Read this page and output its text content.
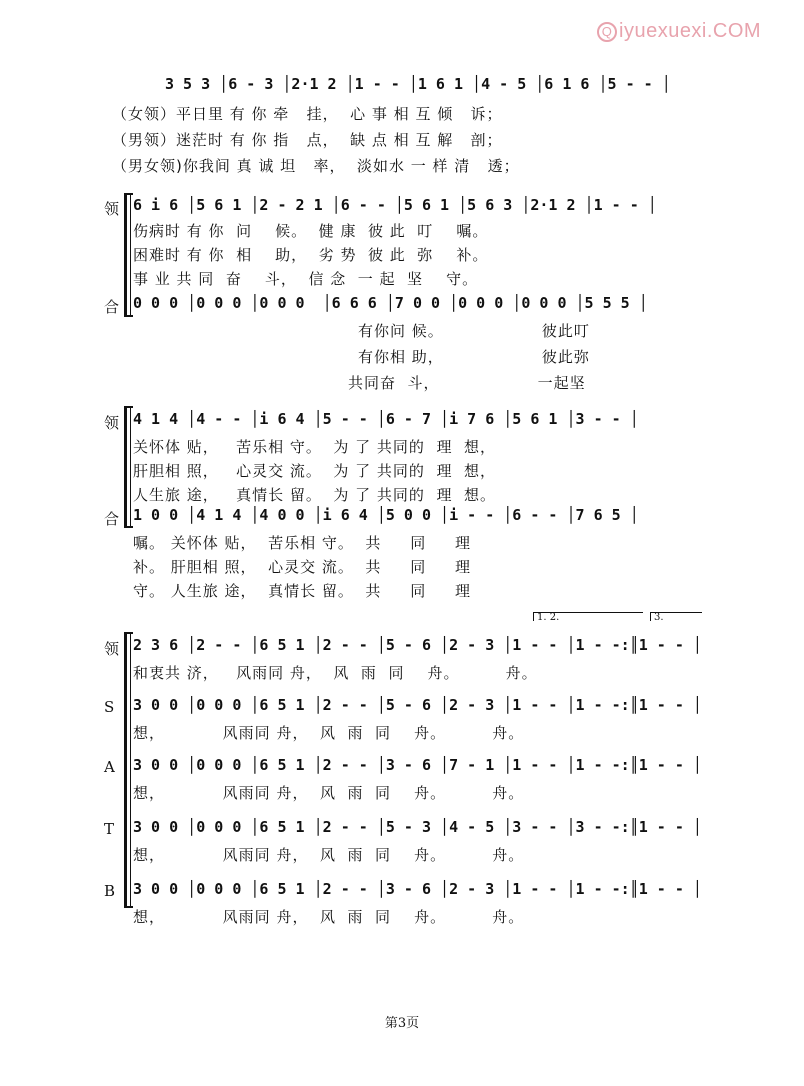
Q iyuexuexi.COM
3 5 3 │6 - 3 │2·1 2 │1 - - │1 6 1 │4 - 5 │6 1 6 │5 - - │
（女领）平日里 有 你 牵   挂，  心 事 相 互 倾   诉；
（男领）迷茫时 有 你 指   点，  缺 点 相 互 解   剖；
（男女领)你我间 真 诚 坦   率，  淡如水 一 样 清   透；
6 i 6 │5 6 1 │2 - 2 1 │6 - - │5 6 1 │5 6 3 │2·1 2 │1 - - │
伤病时 有 你  问    候。  健 康  彼 此  叮    嘱。
困难时 有 你  相    助，  劣 势  彼 此  弥    补。
事 业 共 同  奋    斗，  信 念  一 起  坚    守。
0 0 0 │0 0 0 │0 0 0  │6 6 6 │7 0 0 │0 0 0 │0 0 0 │5 5 5 │
有你问 候。                 彼此叮
有你相 助，                 彼此弥
共同奋  斗，                 一起坚
领
合
4 1 4 │4 - - │i 6 4 │5 - - │6 - 7 │i 7 6 │5 6 1 │3 - - │
关怀体 贴，   苦乐相 守。  为 了 共同的  理  想，
肝胆相 照，   心灵交 流。  为 了 共同的  理  想，
人生旅 途，   真情长 留。  为 了 共同的  理  想。
1 0 0 │4 1 4 │4 0 0 │i 6 4 │5 0 0 │i - - │6 - - │7 6 5 │
嘱。 关怀体 贴，  苦乐相 守。  共     同     理
补。 肝胆相 照，  心灵交 流。  共     同     理
守。 人生旅 途，  真情长 留。  共     同     理
领
合
2 3 6 │2 - - │6 5 1 │2 - - │5 - 6 │2 - 3 │1 - - │1 - -:║1 - - │
和衷共 济，   风雨同 舟，  风  雨  同    舟。        舟。
3 0 0 │0 0 0 │6 5 1 │2 - - │5 - 6 │2 - 3 │1 - - │1 - -:║1 - - │
想，          风雨同 舟，  风  雨  同    舟。        舟。
3 0 0 │0 0 0 │6 5 1 │2 - - │3 - 6 │7 - 1 │1 - - │1 - -:║1 - - │
想，          风雨同 舟，  风  雨  同    舟。        舟。
3 0 0 │0 0 0 │6 5 1 │2 - - │5 - 3 │4 - 5 │3 - - │3 - -:║1 - - │
想，          风雨同 舟，  风  雨  同    舟。        舟。
3 0 0 │0 0 0 │6 5 1 │2 - - │3 - 6 │2 - 3 │1 - - │1 - -:║1 - - │
想，          风雨同 舟，  风  雨  同    舟。        舟。
领
S
A
T
B
1. 2.	3.
第3页
